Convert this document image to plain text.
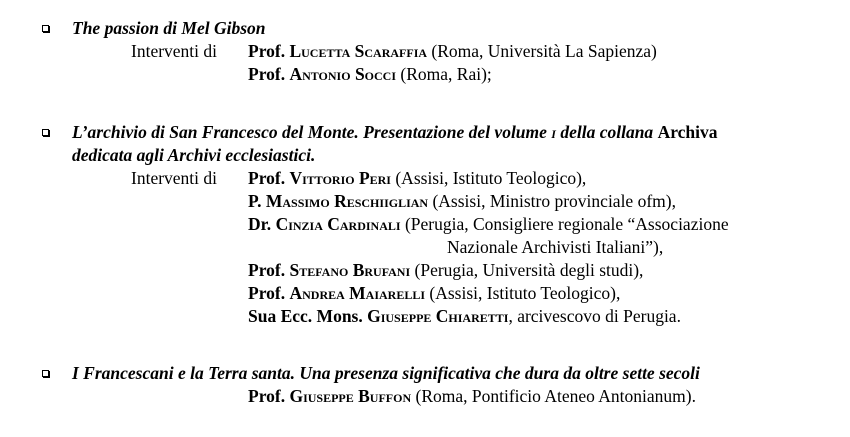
The passion di Mel Gibson
Interventi di Prof. Lucetta Scaraffia (Roma, Università La Sapienza)
Prof. Antonio Socci (Roma, Rai);
L’archivio di San Francesco del Monte. Presentazione del volume i della collana Archiva
dedicata agli Archivi ecclesiastici.
Interventi di Prof. Vittorio Peri (Assisi, Istituto Teologico),
P. Massimo Reschiiglian (Assisi, Ministro provinciale ofm),
Dr. Cinzia Cardinali (Perugia, Consigliere regionale “Associazione
Nazionale Archivisti Italiani”),
Prof. Stefano Brufani (Perugia, Università degli studi),
Prof. Andrea Maiarelli (Assisi, Istituto Teologico),
Sua Ecc. Mons. Giuseppe Chiaretti, arcivescovo di Perugia.
I Francescani e la Terra santa. Una presenza significativa che dura da oltre sette secoli
Prof. Giuseppe Buffon (Roma, Pontificio Ateneo Antonianum).
